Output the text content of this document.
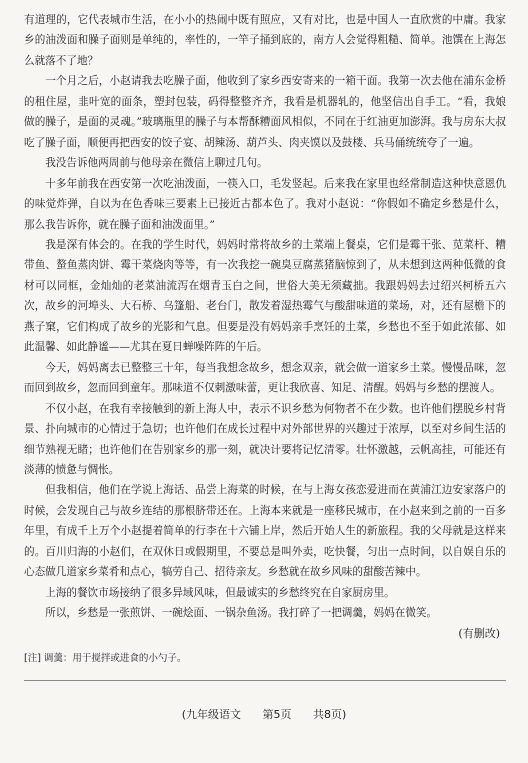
有道理的，它代表城市生活，在小小的热闹中既有照应，又有对比，也是中国人一直欣赏的中庸。我家乡的油泼面和臊子面则是单纯的，率性的，一竿子捅到底的，南方人会觉得粗糙、简单。池馔在上海怎么就落不了地？

一个月之后，小赵请我去吃臊子面，他收到了家乡西安寄来的一箱干面。我第一次去他在浦东金桥的租住屋，韭叶宽的面条，塑封包装，码得整整齐齐，我看是机器轧的，他坚信出自手工。“看，我娘做的臊子，是面的灵魂。”玻璃瓶里的臊子与本帮酥糟面风相似，不同在于红油更加澎湃。我与房东大叔吃了臊子面，顺便再把西安的饺子宴、胡辣汤、葫芦头、肉夹馍以及鼓楼、兵马俑统统夸了一遍。

我没告诉他两周前与他母亲在微信上聊过几句。

十多年前我在西安第一次吃油泼面，一筷入口，毛发竖起。后来我在家里也经常制造这种快意恩仇的味觉炸弹，自以为在色香味三要素上已接近古都本色了。我对小赵说：“你假如不确定乡愁是什么，那么我告诉你，就在臊子面和油泼面里。”

我是深有体会的。在我的学生时代，妈妈时常将故乡的土菜端上餐桌，它们是霉干张、苋菜杆、糟带鱼、螯鱼蒸肉饼、霉干菜烧肉等等，有一次我挖一碗臭豆腐蒸猪脑惊到了，从未想到这两种低微的食材可以同框，金灿灿的老菜油流泻在烟青玉白之间，世俗大美无须藏拙。我跟妈妈去过绍兴柯桥五六次，故乡的河埠头、大石桥、乌篷船、老台门，散发着湿热霉气与酸甜味道的菜场，对，还有屋檐下的燕子窠，它们构成了故乡的光影和气息。但要是没有妈妈亲手烹饪的土菜，乡愁也不至于如此浓郁、如此温馨、如此静谧——尤其在夏日蝉噪阵阵的午后。

今天，妈妈离去已整整三十年，每当我想念故乡，想念双亲，就会做一道家乡土菜。慢慢品咪，忽而回到故乡，忽而回到童年。那味道不仅刺激味蕾，更让我欣喜、知足、清醒。妈妈与乡愁的摆渡人。

不仅小赵，在我有幸接触到的新上海人中，表示不识乡愁为何物者不在少数。也许他们摆脱乡村背景、扑向城市的心情过于急切；也许他们在成长过程中对外部世界的兴趣过于浓厚，以至对乡间生活的细节熟视无睹；也许他们在告别家乡的那一刻，就决计要将记忆清零。壮怀激越，云帆高挂，可能还有淡薄的愤惫与惆怅。

但我相信，他们在学说上海话、品尝上海菜的时候，在与上海女孩恋爱进而在黄浦江边安家落户的时候，会发现自己与故乡连结的那根脐带还在。上海本来就是一座移民城市，在小赵来到之前的一百多年里，有成千上万个小赵提着简单的行李在十六铺上岸，然后开始人生的新旅程。我的父母就是这样来的。百川归海的小赵们，在双休日或假期里，不要总是叫外卖，吃快餐，匀出一点时间，以自娱自乐的心态做几道家乡菜肴和点心，犒劳自己、招待亲友。乡愁就在故乡风味的甜酸苦辣中。

上海的餐饮市场接纳了很多异域风味，但最诚实的乡愁终究在自家厨房里。

所以，乡愁是一张煎饼、一碗烩面、一锅杂鱼汤。我打碎了一把调羹，妈妈在微笑。

(有删改)
[注] 调羹：用于搅拌或进食的小勺子。
(九年级语文 第5页 共8页)
